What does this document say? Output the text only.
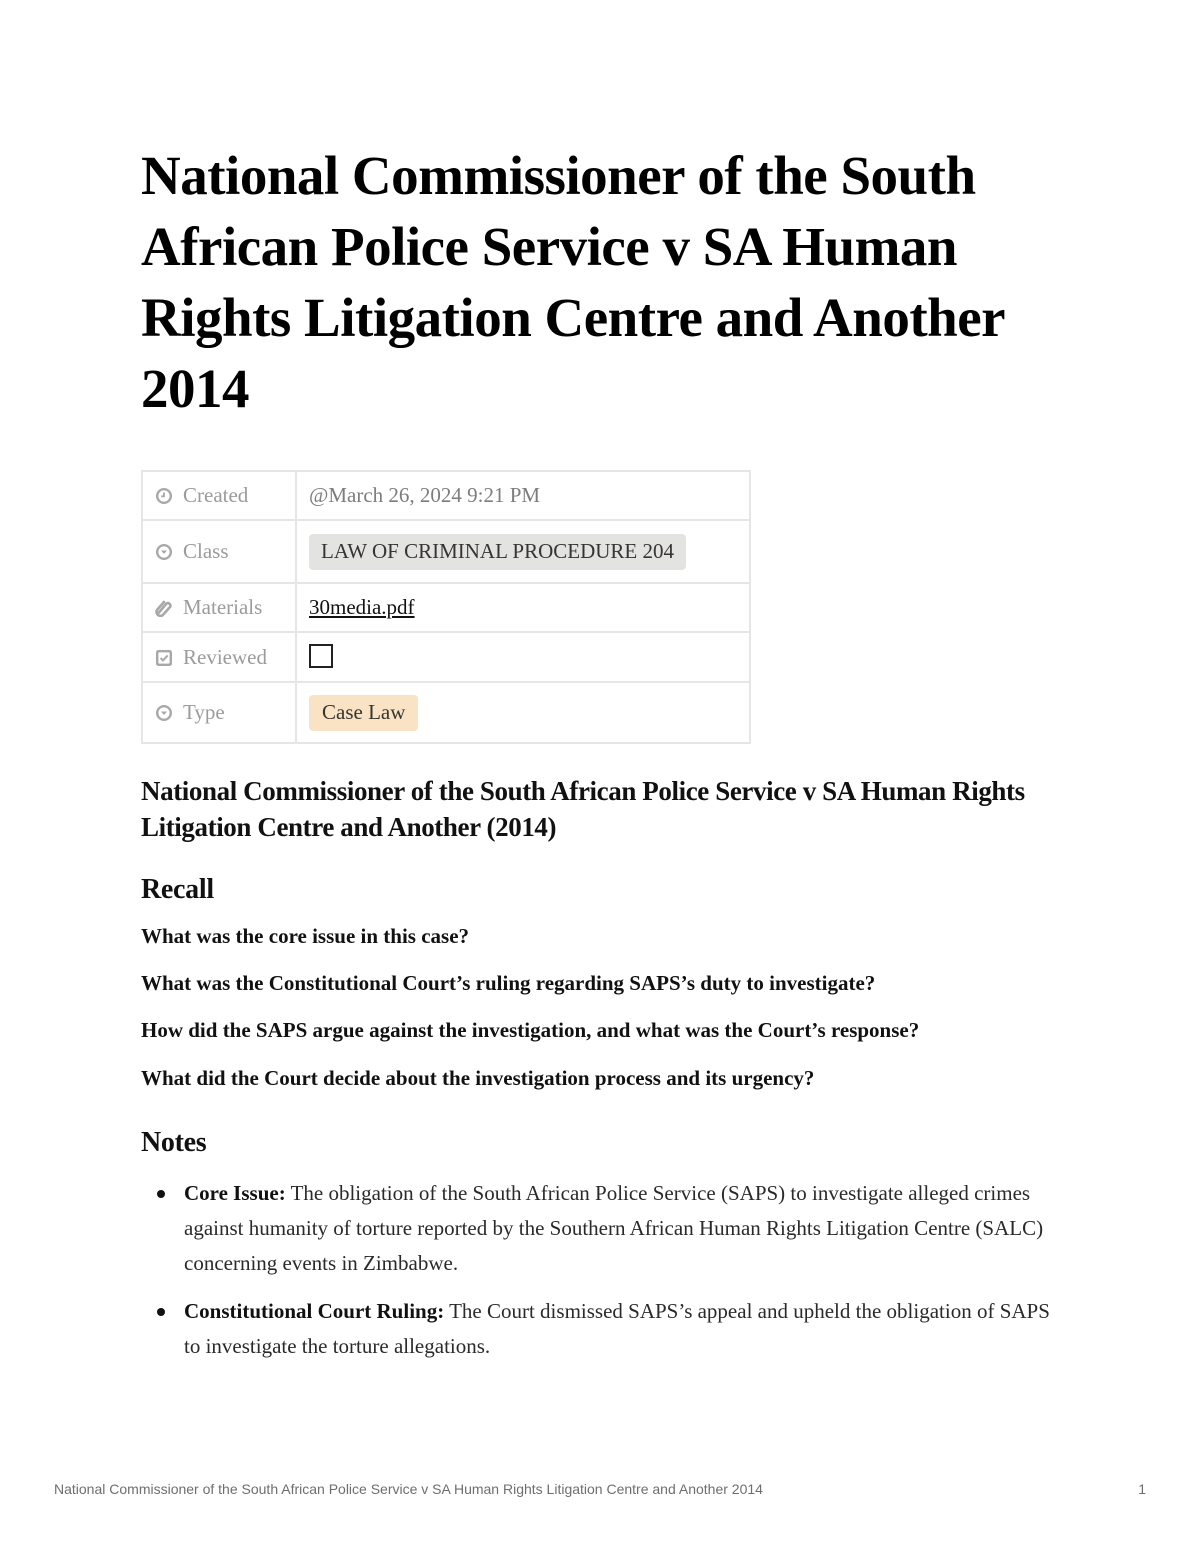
National Commissioner of the South African Police Service v SA Human Rights Litigation Centre and Another 2014
Created	@March 26, 2024 9:21 PM
Class	LAW OF CRIMINAL PROCEDURE 204
Materials	30media.pdf
Reviewed	
Type	Case Law
National Commissioner of the South African Police Service v SA Human Rights Litigation Centre and Another (2014)
Recall

What was the core issue in this case?

What was the Constitutional Court’s ruling regarding SAPS’s duty to investigate?

How did the SAPS argue against the investigation, and what was the Court’s response?

What did the Court decide about the investigation process and its urgency?

Notes
Core Issue: The obligation of the South African Police Service (SAPS) to investigate alleged crimes against humanity of torture reported by the Southern African Human Rights Litigation Centre (SALC) concerning events in Zimbabwe.
Constitutional Court Ruling: The Court dismissed SAPS’s appeal and upheld the obligation of SAPS to investigate the torture allegations.
National Commissioner of the South African Police Service v SA Human Rights Litigation Centre and Another 2014	1
